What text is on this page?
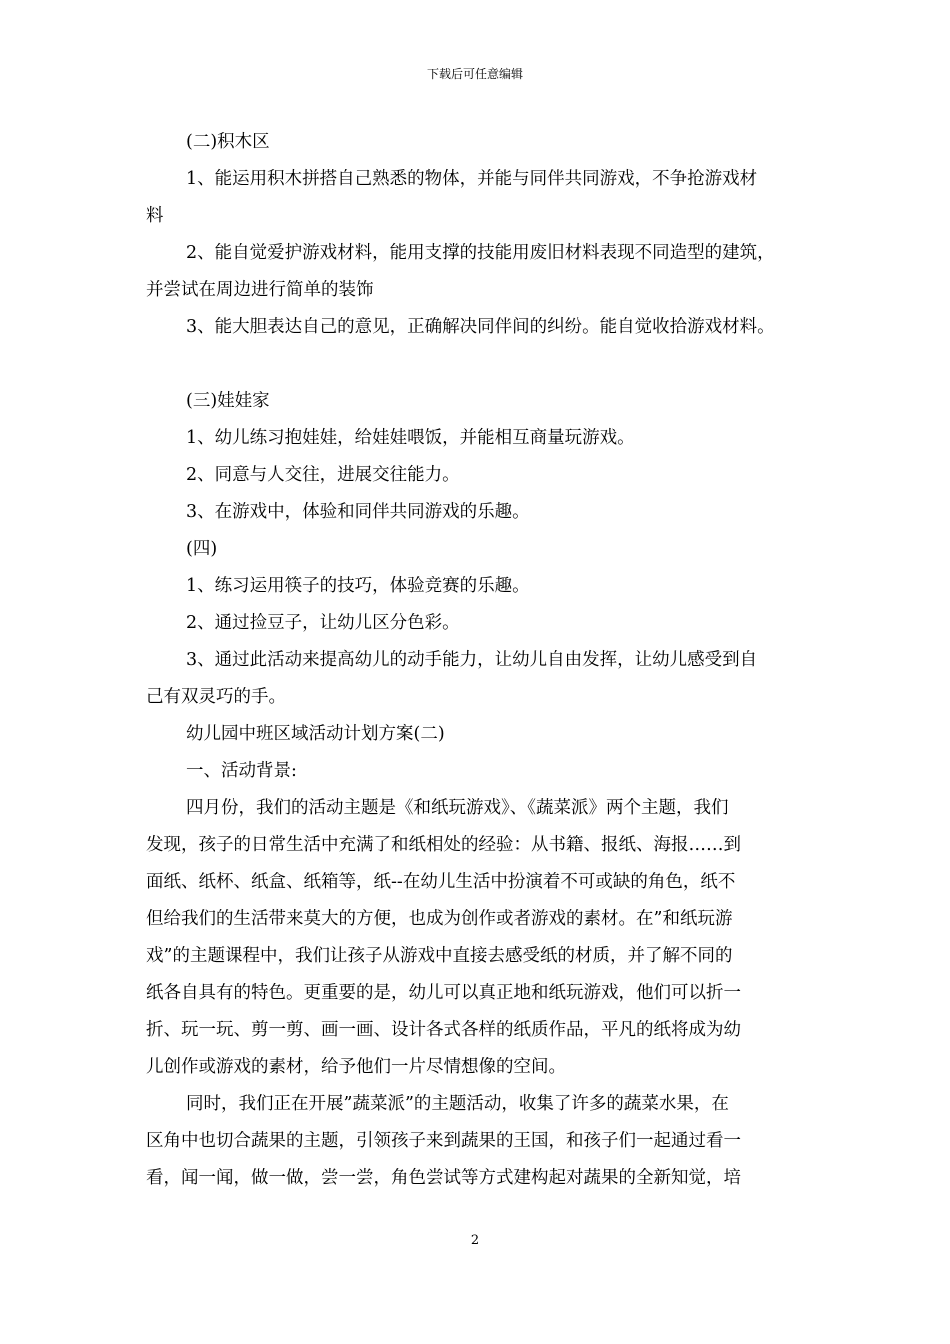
下载后可任意编辑

(二)积木区

1、能运用积木拼搭自己熟悉的物体，并能与同伴共同游戏，不争抢游戏材

料

2、能自觉爱护游戏材料，能用支撑的技能用废旧材料表现不同造型的建筑，

并尝试在周边进行简单的装饰

3、能大胆表达自己的意见，正确解决同伴间的纠纷。能自觉收拾游戏材料。

(三)娃娃家

1、幼儿练习抱娃娃，给娃娃喂饭，并能相互商量玩游戏。

2、同意与人交往，进展交往能力。

3、在游戏中，体验和同伴共同游戏的乐趣。

(四)

1、练习运用筷子的技巧，体验竞赛的乐趣。

2、通过捡豆子，让幼儿区分色彩。

3、通过此活动来提高幼儿的动手能力，让幼儿自由发挥，让幼儿感受到自

己有双灵巧的手。

幼儿园中班区域活动计划方案(二)

一、活动背景:

四月份，我们的活动主题是《和纸玩游戏》、《蔬菜派》两个主题，我们

发现，孩子的日常生活中充满了和纸相处的经验：从书籍、报纸、海报……到

面纸、纸杯、纸盒、纸箱等，纸--在幼儿生活中扮演着不可或缺的角色，纸不

但给我们的生活带来莫大的方便，也成为创作或者游戏的素材。在”和纸玩游

戏”的主题课程中，我们让孩子从游戏中直接去感受纸的材质，并了解不同的

纸各自具有的特色。更重要的是，幼儿可以真正地和纸玩游戏，他们可以折一

折、玩一玩、剪一剪、画一画、设计各式各样的纸质作品，平凡的纸将成为幼

儿创作或游戏的素材，给予他们一片尽情想像的空间。

同时，我们正在开展”蔬菜派”的主题活动，收集了许多的蔬菜水果，在

区角中也切合蔬果的主题，引领孩子来到蔬果的王国，和孩子们一起通过看一

看，闻一闻，做一做，尝一尝，角色尝试等方式建构起对蔬果的全新知觉，培

2
